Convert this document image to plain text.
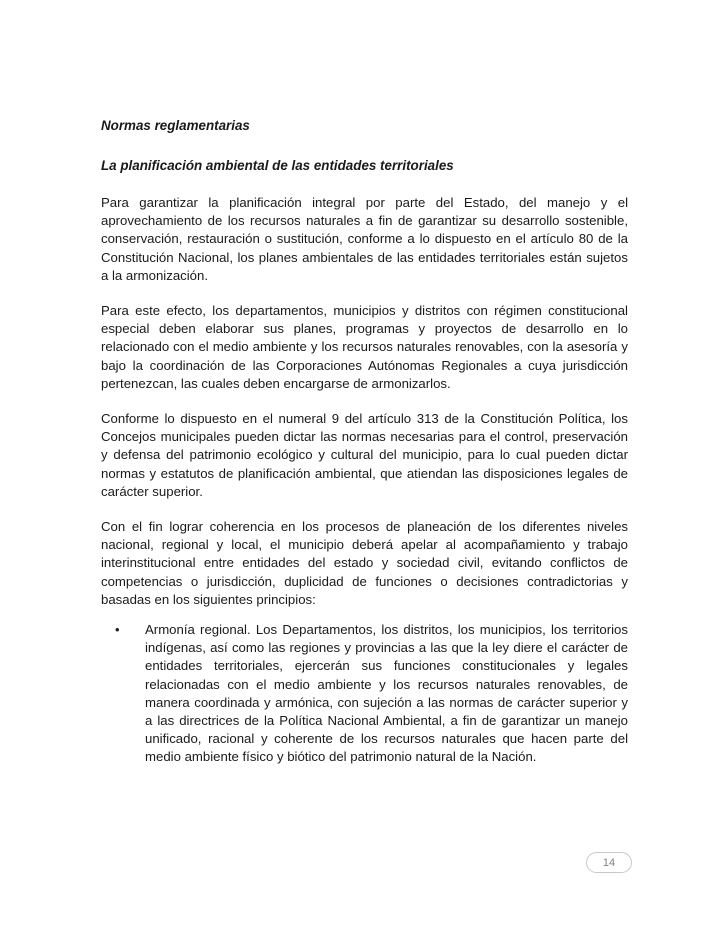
Normas reglamentarias
La planificación ambiental de las entidades territoriales

Para garantizar la planificación integral por parte del Estado, del manejo y el aprovechamiento de los recursos naturales a fin de garantizar su desarrollo sostenible, conservación, restauración o sustitución, conforme a lo dispuesto en el artículo 80 de la Constitución Nacional, los planes ambientales de las entidades territoriales están sujetos a la armonización.

Para este efecto, los departamentos, municipios y distritos con régimen constitucional especial deben elaborar sus planes, programas y proyectos de desarrollo en lo relacionado con el medio ambiente y los recursos naturales renovables, con la asesoría y bajo la coordinación de las Corporaciones Autónomas Regionales a cuya jurisdicción pertenezcan, las cuales deben encargarse de armonizarlos.

Conforme lo dispuesto en el numeral 9 del artículo 313 de la Constitución Política, los Concejos municipales pueden dictar las normas necesarias para el control, preservación y defensa del patrimonio ecológico y cultural del municipio, para lo cual pueden dictar normas y estatutos de planificación ambiental, que atiendan las disposiciones legales de carácter superior.

Con el fin lograr coherencia en los procesos de planeación de los diferentes niveles nacional, regional y local, el municipio deberá apelar al acompañamiento y trabajo interinstitucional entre entidades del estado y sociedad civil, evitando conflictos de competencias o jurisdicción, duplicidad de funciones o decisiones contradictorias y basadas en los siguientes principios:

• Armonía regional. Los Departamentos, los distritos, los municipios, los territorios indígenas, así como las regiones y provincias a las que la ley diere el carácter de entidades territoriales, ejercerán sus funciones constitucionales y legales relacionadas con el medio ambiente y los recursos naturales renovables, de manera coordinada y armónica, con sujeción a las normas de carácter superior y a las directrices de la Política Nacional Ambiental, a fin de garantizar un manejo unificado, racional y coherente de los recursos naturales que hacen parte del medio ambiente físico y biótico del patrimonio natural de la Nación.
14
